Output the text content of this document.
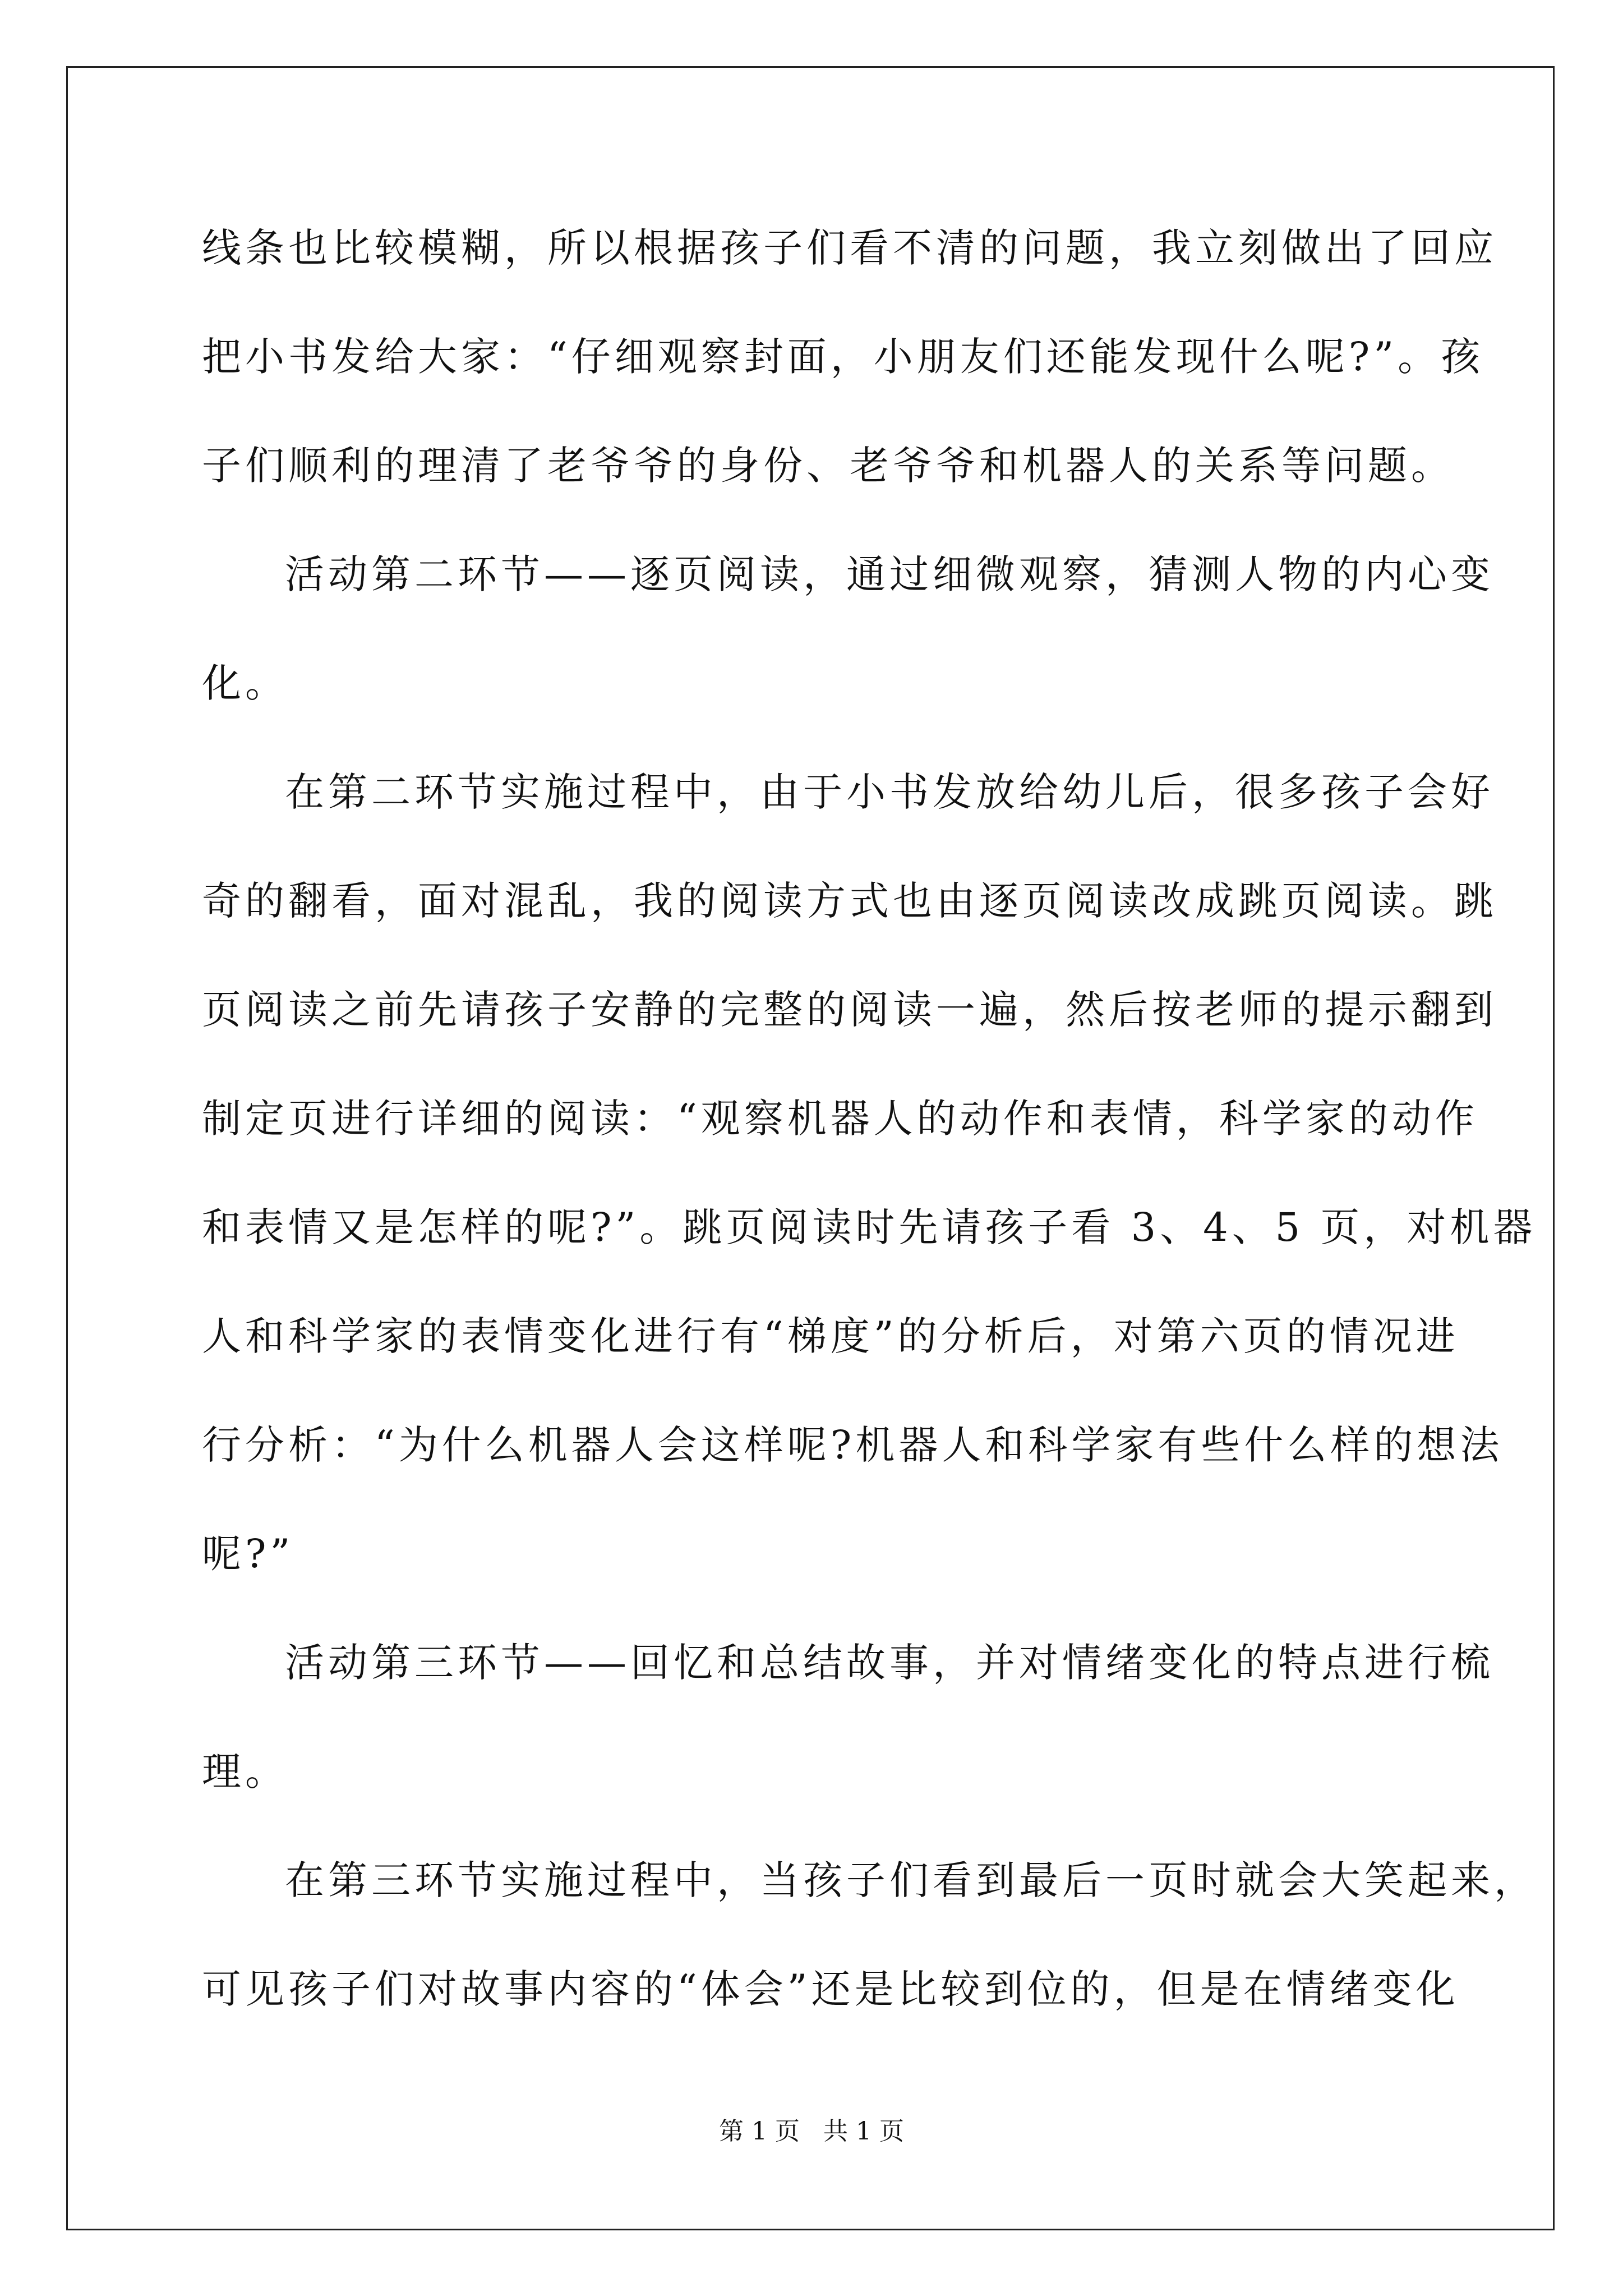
线条也比较模糊，所以根据孩子们看不清的问题，我立刻做出了回应
把小书发给大家：“仔细观察封面，小朋友们还能发现什么呢?”。孩
子们顺利的理清了老爷爷的身份、老爷爷和机器人的关系等问题。
活动第二环节——逐页阅读，通过细微观察，猜测人物的内心变
化。
在第二环节实施过程中，由于小书发放给幼儿后，很多孩子会好
奇的翻看，面对混乱，我的阅读方式也由逐页阅读改成跳页阅读。跳
页阅读之前先请孩子安静的完整的阅读一遍，然后按老师的提示翻到
制定页进行详细的阅读：“观察机器人的动作和表情，科学家的动作
和表情又是怎样的呢?”。跳页阅读时先请孩子看 3、4、5 页，对机器
人和科学家的表情变化进行有“梯度”的分析后，对第六页的情况进
行分析：“为什么机器人会这样呢?机器人和科学家有些什么样的想法
呢?”
活动第三环节——回忆和总结故事，并对情绪变化的特点进行梳
理。
在第三环节实施过程中，当孩子们看到最后一页时就会大笑起来，
可见孩子们对故事内容的“体会”还是比较到位的，但是在情绪变化
第 1 页   共 1 页
